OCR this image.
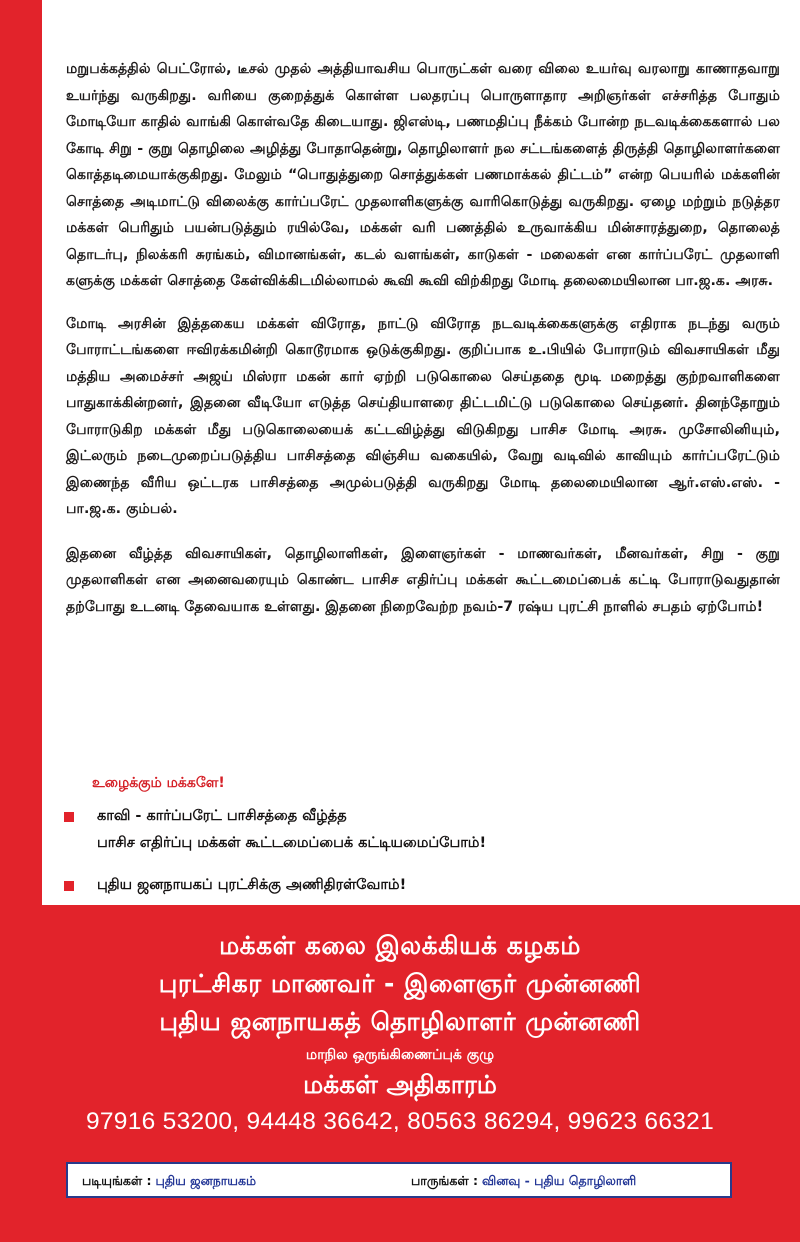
மறுபக்கத்தில் பெட்ரோல், டீசல் முதல் அத்தியாவசிய பொருட்கள் வரை விலை உயர்வு வரலாறு காணாதவாறு உயர்ந்து வருகிறது. வரியை குறைத்துக் கொள்ள பலதரப்பு பொருளாதார அறிஞர்கள் எச்சரித்த போதும் மோடியோ காதில் வாங்கி கொள்வதே கிடையாது. ஜிஎஸ்டி, பணமதிப்பு நீக்கம் போன்ற நடவடிக்கைகளால் பல கோடி சிறு - குறு தொழிலை அழித்து போதாதென்று, தொழிலாளர் நல சட்டங்களைத் திருத்தி தொழிலாளர்களை கொத்தடிமையாக்குகிறது. மேலும் “பொதுத்துறை சொத்துக்கள் பணமாக்கல் திட்டம்” என்ற பெயரில் மக்களின் சொத்தை அடிமாட்டு விலைக்கு கார்ப்பரேட் முதலாளிகளுக்கு வாரிகொடுத்து வருகிறது. ஏழை மற்றும் நடுத்தர மக்கள் பெரிதும் பயன்படுத்தும் ரயில்வே, மக்கள் வரி பணத்தில் உருவாக்கிய மின்சாரத்துறை, தொலைத் தொடர்பு, நிலக்கரி சுரங்கம், விமானங்கள், கடல் வளங்கள், காடுகள் - மலைகள் என கார்ப்பரேட் முதலாளி களுக்கு மக்கள் சொத்தை கேள்விக்கிடமில்லாமல் கூவி கூவி விற்கிறது மோடி தலைமையிலான பா.ஜ.க. அரசு.

மோடி அரசின் இத்தகைய மக்கள் விரோத, நாட்டு விரோத நடவடிக்கைகளுக்கு எதிராக நடந்து வரும் போராட்டங்களை ஈவிரக்கமின்றி கொடூரமாக ஒடுக்குகிறது. குறிப்பாக உ.பியில் போராடும் விவசாயிகள் மீது மத்திய அமைச்சர் அஜய் மிஸ்ரா மகன் கார் ஏற்றி படுகொலை செய்ததை மூடி மறைத்து குற்றவாளிகளை பாதுகாக்கின்றனர், இதனை வீடியோ எடுத்த செய்தியாளரை திட்டமிட்டு படுகொலை செய்தனர். தினந்தோறும் போராடுகிற மக்கள் மீது படுகொலையைக் கட்டவிழ்த்து விடுகிறது பாசிச மோடி அரசு. முசோலினியும், இட்லரும் நடைமுறைப்படுத்திய பாசிசத்தை விஞ்சிய வகையில், வேறு வடிவில் காவியும் கார்ப்பரேட்டும் இணைந்த வீரிய ஒட்டரக பாசிசத்தை அமுல்படுத்தி வருகிறது மோடி தலைமையிலான ஆர்.எஸ்.எஸ். - பா.ஜ.க. கும்பல்.

இதனை வீழ்த்த விவசாயிகள், தொழிலாளிகள், இளைஞர்கள் - மாணவர்கள், மீனவர்கள், சிறு - குறு முதலாளிகள் என அனைவரையும் கொண்ட பாசிச எதிர்ப்பு மக்கள் கூட்டமைப்பைக் கட்டி போராடுவதுதான் தற்போது உடனடி தேவையாக உள்ளது. இதனை நிறைவேற்ற நவம்-7 ரஷ்ய புரட்சி நாளில் சபதம் ஏற்போம்!

உழைக்கும் மக்களே!
காவி - கார்ப்பரேட் பாசிசத்தை வீழ்த்த
பாசிச எதிர்ப்பு மக்கள் கூட்டமைப்பைக் கட்டியமைப்போம்!
புதிய ஜனநாயகப் புரட்சிக்கு அணிதிரள்வோம்!
மக்கள் கலை இலக்கியக் கழகம்
புரட்சிகர மாணவர் - இளைஞர் முன்னணி
புதிய ஜனநாயகத் தொழிலாளர் முன்னணி
மாநில ஒருங்கிணைப்புக் குழு
மக்கள் அதிகாரம்
97916 53200, 94448 36642, 80563 86294, 99623 66321
படியுங்கள் : புதிய ஜனநாயகம்	பாருங்கள் : வினவு - புதிய தொழிலாளி
